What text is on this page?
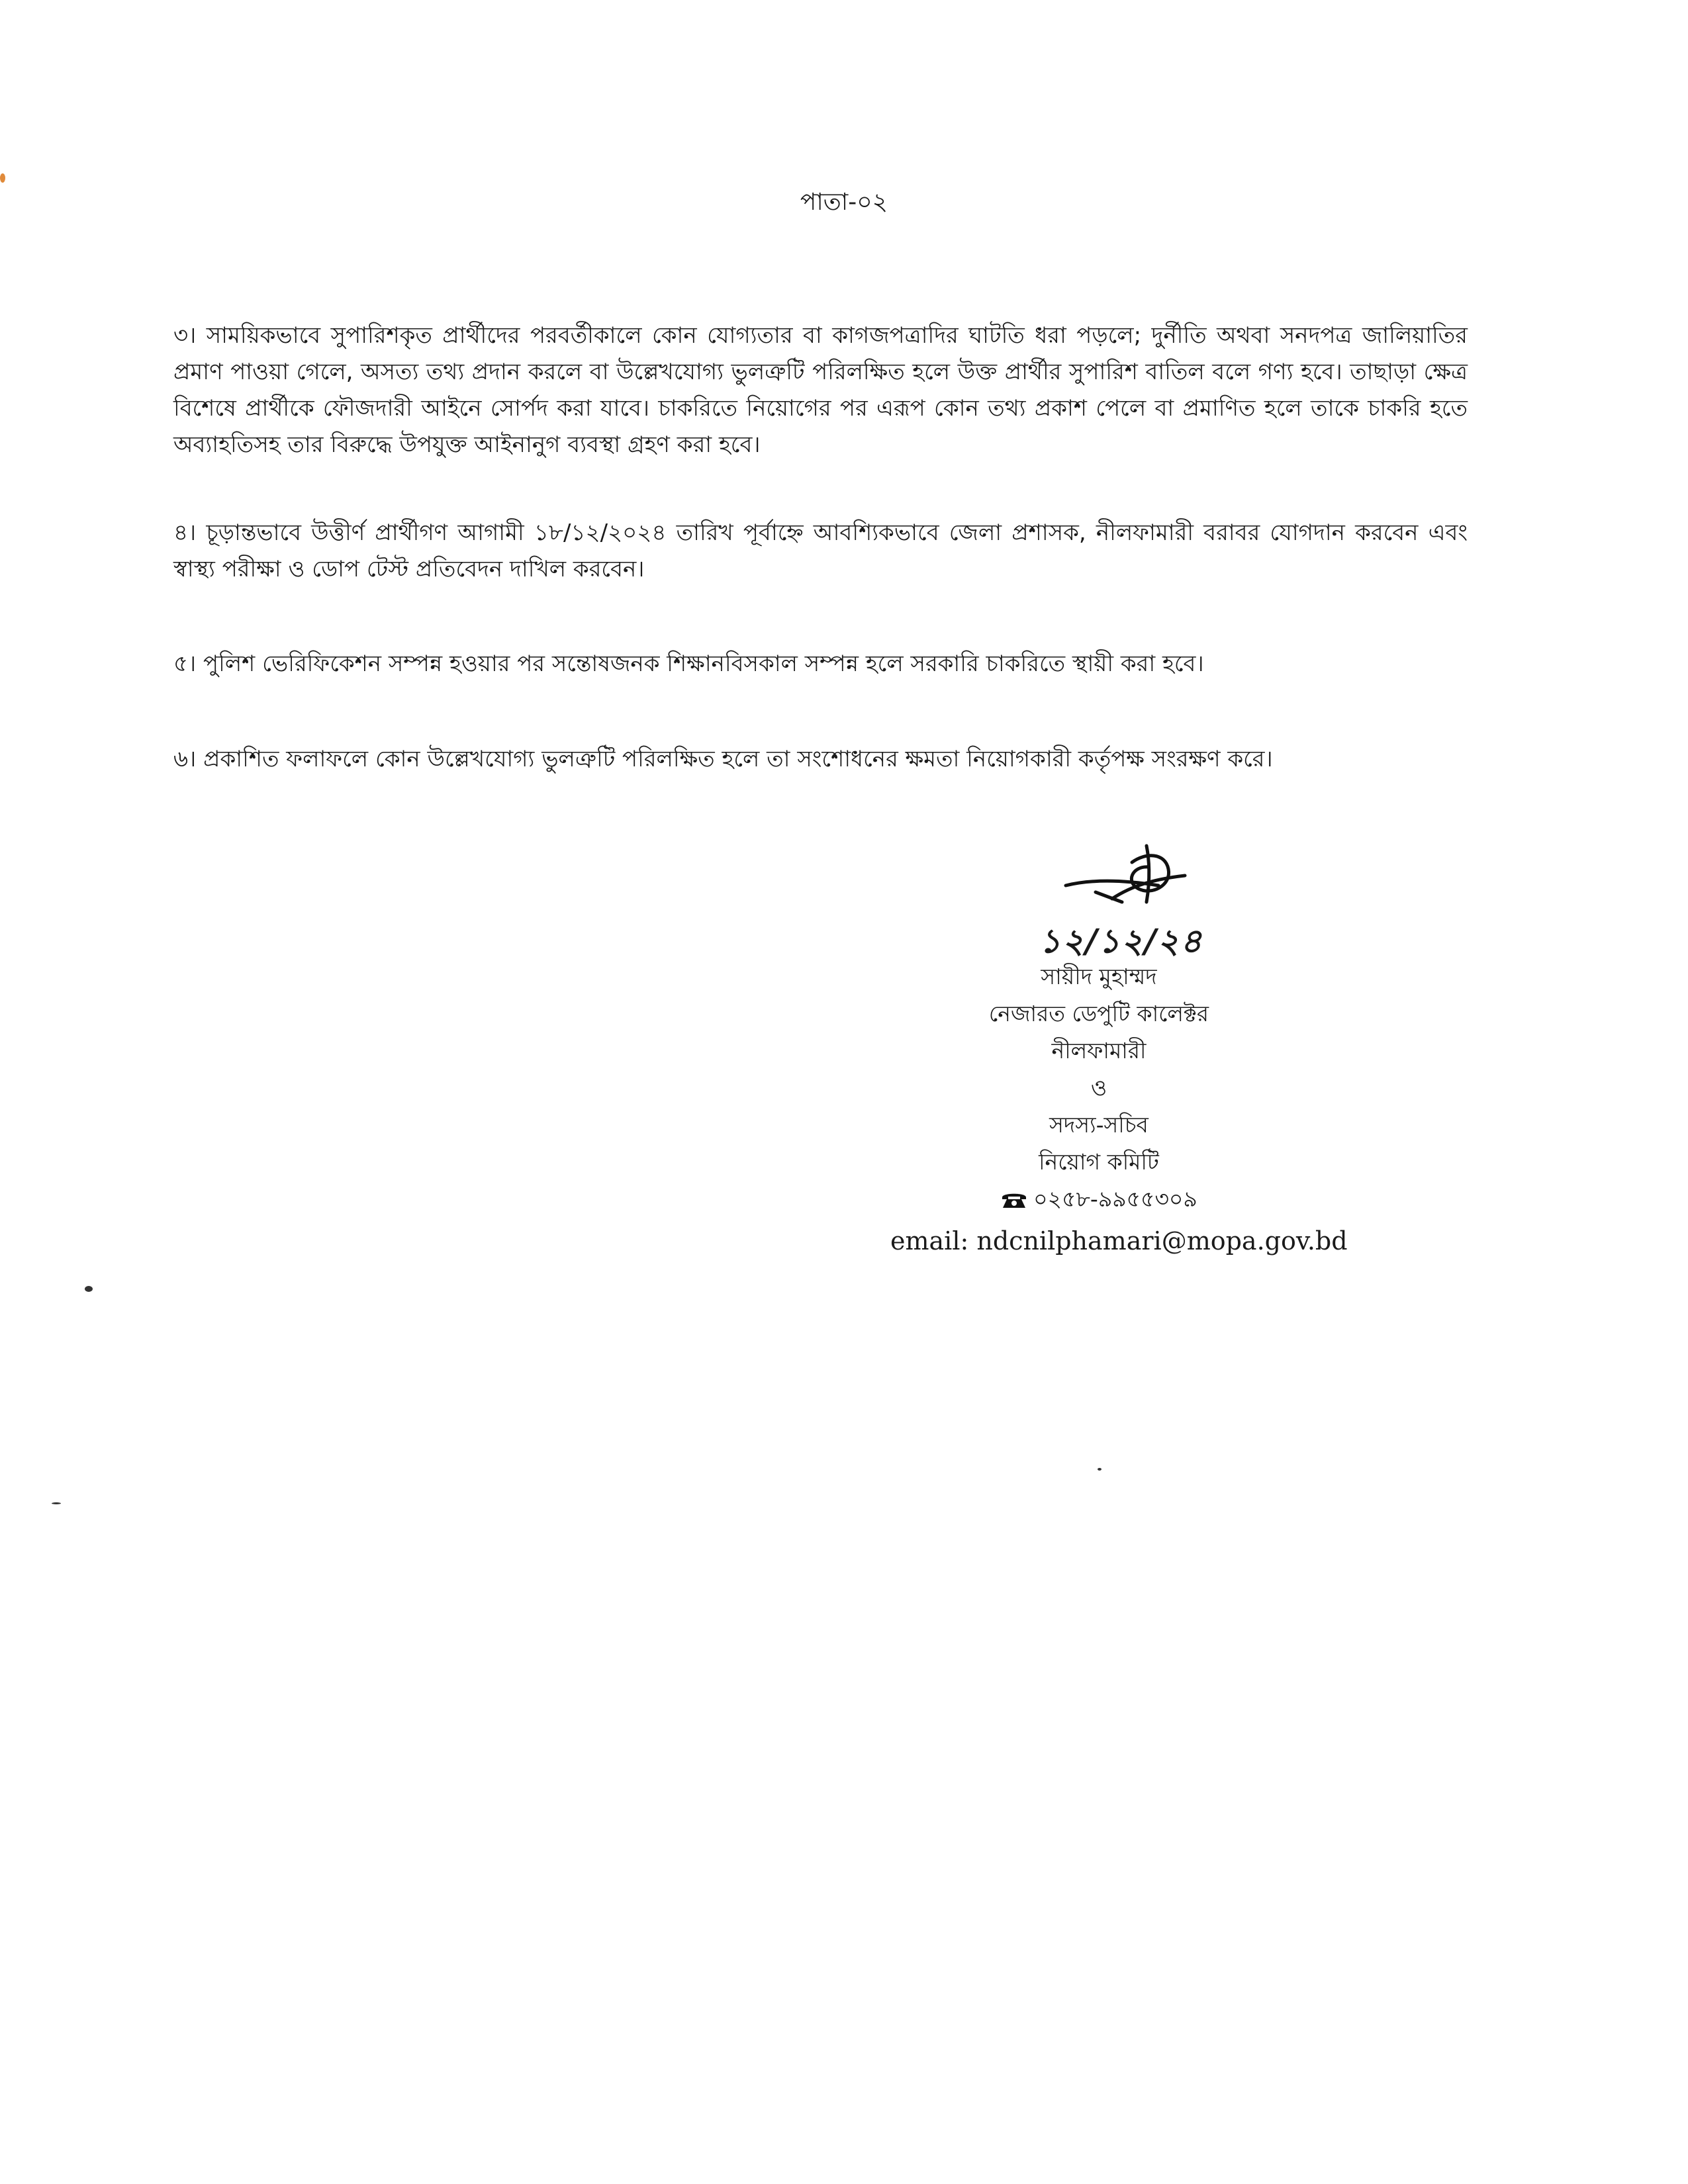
পাতা-০২

৩। সাময়িকভাবে সুপারিশকৃত প্রার্থীদের পরবর্তীকালে কোন যোগ্যতার বা কাগজপত্রাদির ঘাটতি ধরা পড়লে; দুর্নীতি অথবা সনদপত্র জালিয়াতির প্রমাণ পাওয়া গেলে, অসত্য তথ্য প্রদান করলে বা উল্লেখযোগ্য ভুলত্রুটি পরিলক্ষিত হলে উক্ত প্রার্থীর সুপারিশ বাতিল বলে গণ্য হবে। তাছাড়া ক্ষেত্র বিশেষে প্রার্থীকে ফৌজদারী আইনে সোর্পদ করা যাবে। চাকরিতে নিয়োগের পর এরূপ কোন তথ্য প্রকাশ পেলে বা প্রমাণিত হলে তাকে চাকরি হতে অব্যাহতিসহ তার বিরুদ্ধে উপযুক্ত আইনানুগ ব্যবস্থা গ্রহণ করা হবে।

৪। চূড়ান্তভাবে উত্তীর্ণ প্রার্থীগণ আগামী ১৮/১২/২০২৪ তারিখ পূর্বাহ্নে আবশ্যিকভাবে জেলা প্রশাসক, নীলফামারী বরাবর যোগদান করবেন এবং স্বাস্থ্য পরীক্ষা ও ডোপ টেস্ট প্রতিবেদন দাখিল করবেন।

৫। পুলিশ ভেরিফিকেশন সম্পন্ন হওয়ার পর সন্তোষজনক শিক্ষানবিসকাল সম্পন্ন হলে সরকারি চাকরিতে স্থায়ী করা হবে।

৬। প্রকাশিত ফলাফলে কোন উল্লেখযোগ্য ভুলত্রুটি পরিলক্ষিত হলে তা সংশোধনের ক্ষমতা নিয়োগকারী কর্তৃপক্ষ সংরক্ষণ করে।

১২/১২/২৪
সায়ীদ মুহাম্মদ
নেজারত ডেপুটি কালেক্টর
নীলফামারী
ও
সদস্য-সচিব
নিয়োগ কমিটি
০২৫৮-৯৯৫৫৩০৯
email: ndcnilphamari@mopa.gov.bd
